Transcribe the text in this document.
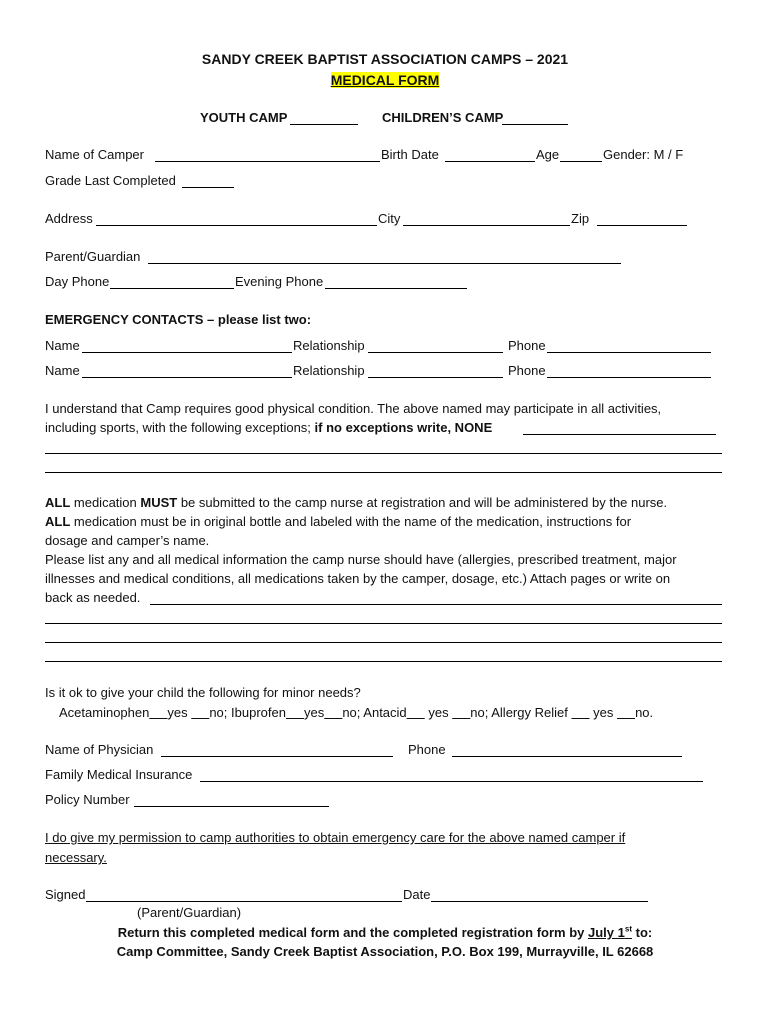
SANDY CREEK BAPTIST ASSOCIATION CAMPS – 2021
MEDICAL FORM
YOUTH CAMP	CHILDREN’S CAMP
Name of Camper	Birth Date	Age	Gender: M / F
Grade Last Completed
Address	City	Zip
Parent/Guardian
Day Phone	Evening Phone
EMERGENCY CONTACTS – please list two:
Name	Relationship	Phone
Name	Relationship	Phone
I understand that Camp requires good physical condition. The above named may participate in all activities,
including sports, with the following exceptions; if no exceptions write, NONE
ALL medication MUST be submitted to the camp nurse at registration and will be administered by the nurse.
ALL medication must be in original bottle and labeled with the name of the medication, instructions for
dosage and camper’s name.
Please list any and all medical information the camp nurse should have (allergies, prescribed treatment, major
illnesses and medical conditions, all medications taken by the camper, dosage, etc.) Attach pages or write on
back as needed.
Is it ok to give your child the following for minor needs?
Acetaminophen yes no; Ibuprofen yes no; Antacid yes no; Allergy Relief yes no.
Name of Physician	Phone
Family Medical Insurance
Policy Number
I do give my permission to camp authorities to obtain emergency care for the above named camper if
necessary.
Signed	Date
(Parent/Guardian)
Return this completed medical form and the completed registration form by July 1st to:
Camp Committee, Sandy Creek Baptist Association, P.O. Box 199, Murrayville, IL 62668
